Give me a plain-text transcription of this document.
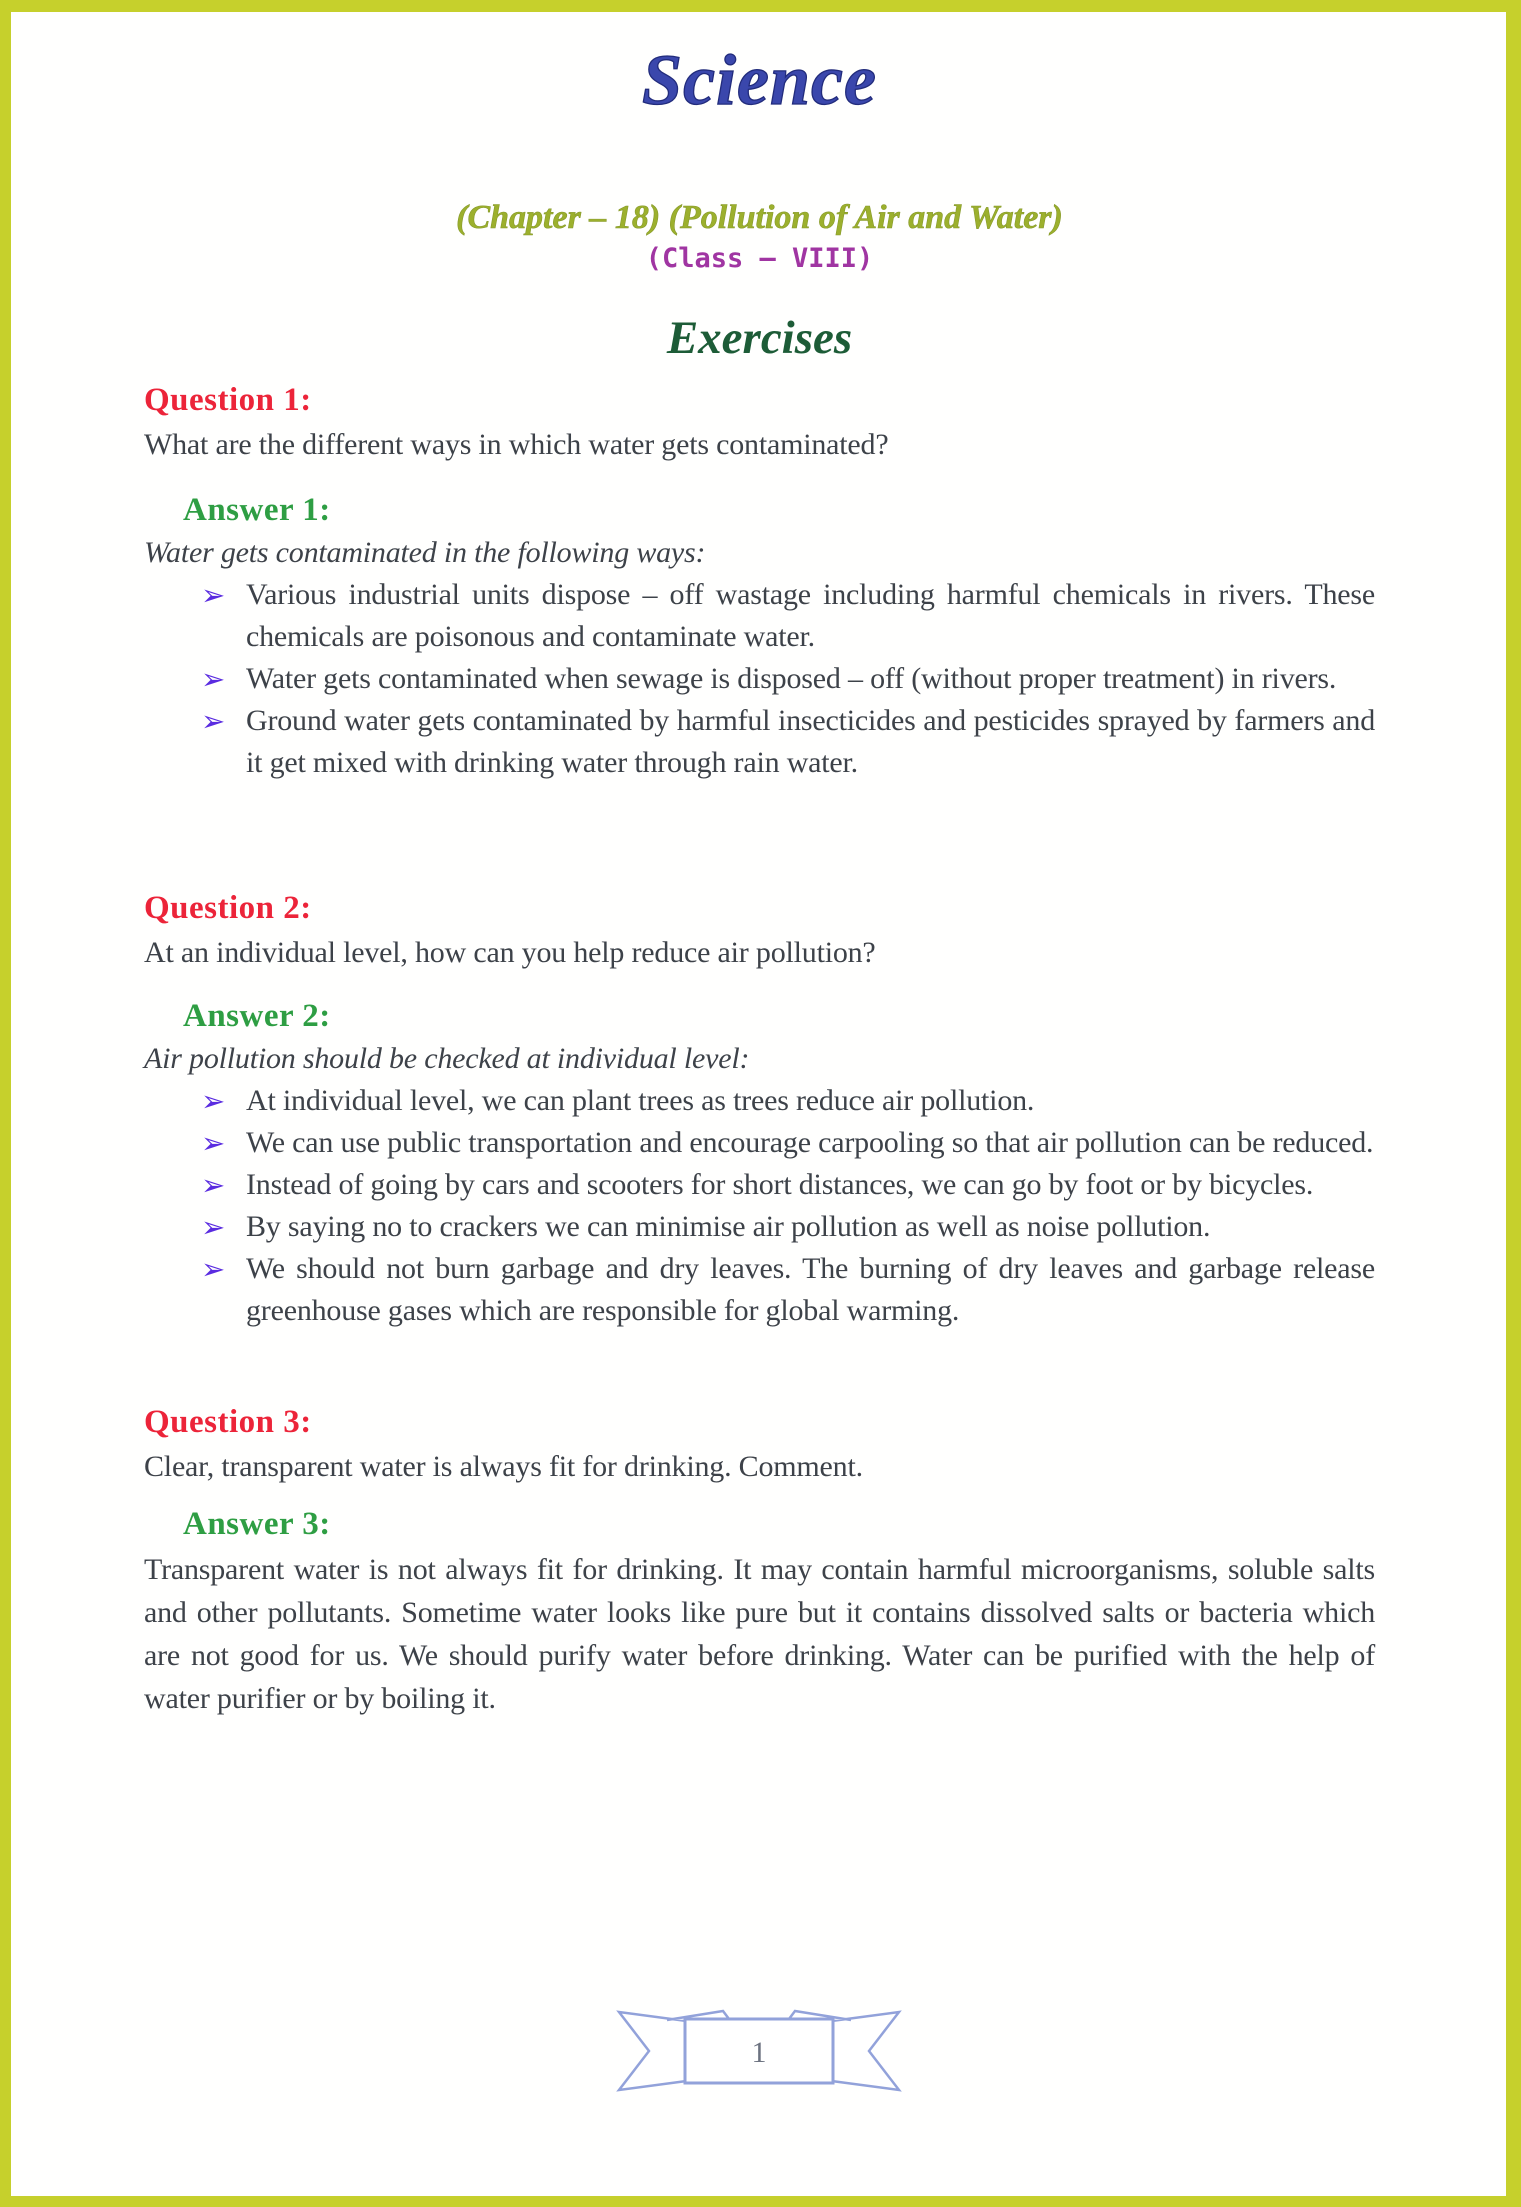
Science
(Chapter – 18) (Pollution of Air and Water)
(Class – VIII)
Exercises
Question 1:
What are the different ways in which water gets contaminated?
Answer 1:
Water gets contaminated in the following ways:
➢ Various industrial units dispose – off wastage including harmful chemicals in rivers. These chemicals are poisonous and contaminate water.
➢ Water gets contaminated when sewage is disposed – off (without proper treatment) in rivers.
➢ Ground water gets contaminated by harmful insecticides and pesticides sprayed by farmers and it get mixed with drinking water through rain water.
Question 2:
At an individual level, how can you help reduce air pollution?
Answer 2:
Air pollution should be checked at individual level:
➢ At individual level, we can plant trees as trees reduce air pollution.
➢ We can use public transportation and encourage carpooling so that air pollution can be reduced.
➢ Instead of going by cars and scooters for short distances, we can go by foot or by bicycles.
➢ By saying no to crackers we can minimise air pollution as well as noise pollution.
➢ We should not burn garbage and dry leaves. The burning of dry leaves and garbage release greenhouse gases which are responsible for global warming.
Question 3:
Clear, transparent water is always fit for drinking. Comment.
Answer 3:
Transparent water is not always fit for drinking. It may contain harmful microorganisms, soluble salts and other pollutants. Sometime water looks like pure but it contains dissolved salts or bacteria which are not good for us. We should purify water before drinking. Water can be purified with the help of water purifier or by boiling it.
1
